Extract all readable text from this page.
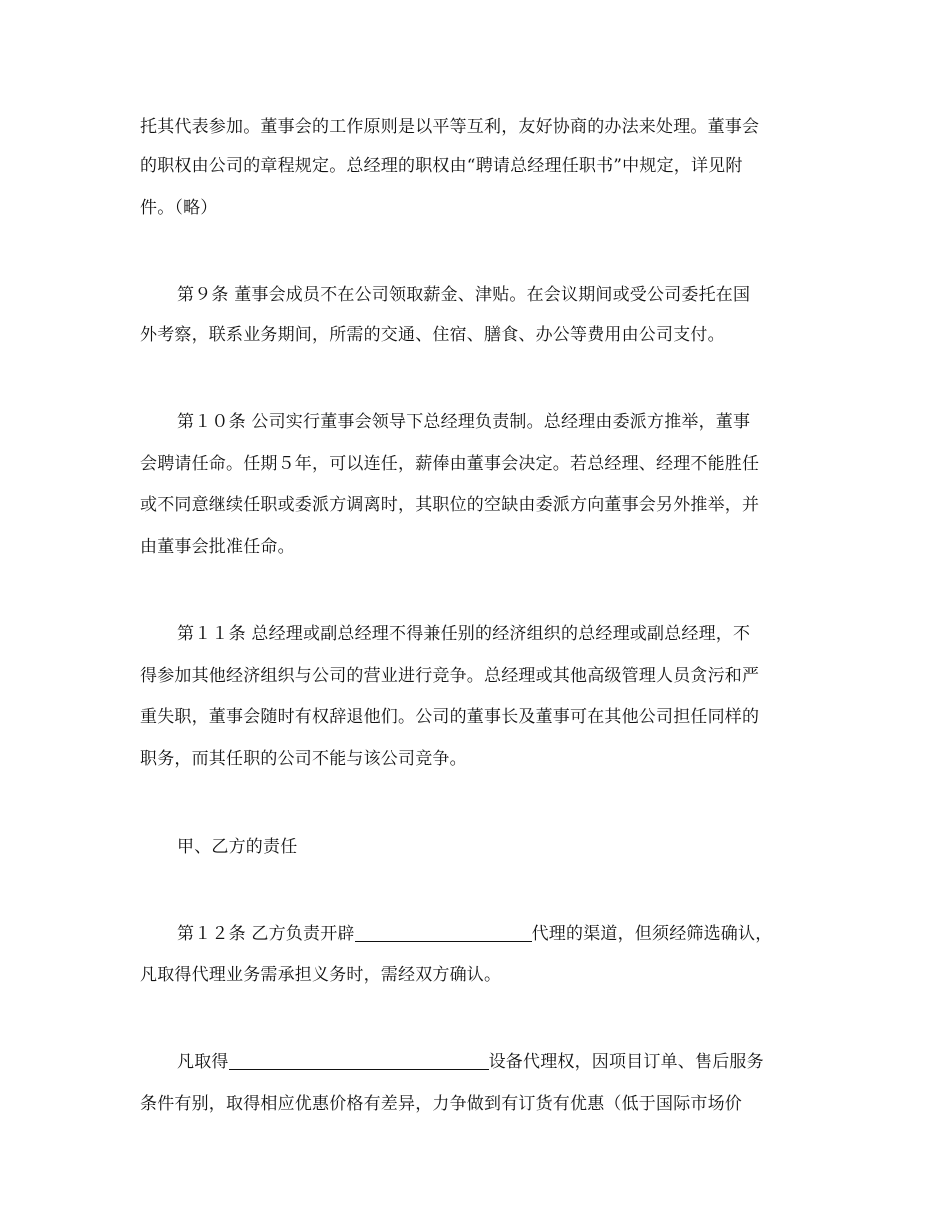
托其代表参加。董事会的工作原则是以平等互利，友好协商的办法来处理。董事会
的职权由公司的章程规定。总经理的职权由“聘请总经理任职书”中规定，详见附
件。（略）
第９条 董事会成员不在公司领取薪金、津贴。在会议期间或受公司委托在国
外考察，联系业务期间，所需的交通、住宿、膳食、办公等费用由公司支付。
第１０条 公司实行董事会领导下总经理负责制。总经理由委派方推举，董事
会聘请任命。任期５年，可以连任，薪俸由董事会决定。若总经理、经理不能胜任
或不同意继续任职或委派方调离时，其职位的空缺由委派方向董事会另外推举，并
由董事会批准任命。
第１１条 总经理或副总经理不得兼任别的经济组织的总经理或副总经理，不
得参加其他经济组织与公司的营业进行竞争。总经理或其他高级管理人员贪污和严
重失职，董事会随时有权辞退他们。公司的董事长及董事可在其他公司担任同样的
职务，而其任职的公司不能与该公司竞争。
甲、乙方的责任
第１２条 乙方负责开辟	代理的渠道，但须经筛选确认，
凡取得代理业务需承担义务时，需经双方确认。
凡取得	设备代理权，因项目订单、售后服务
条件有别，取得相应优惠价格有差异，力争做到有订货有优惠（低于国际市场价
